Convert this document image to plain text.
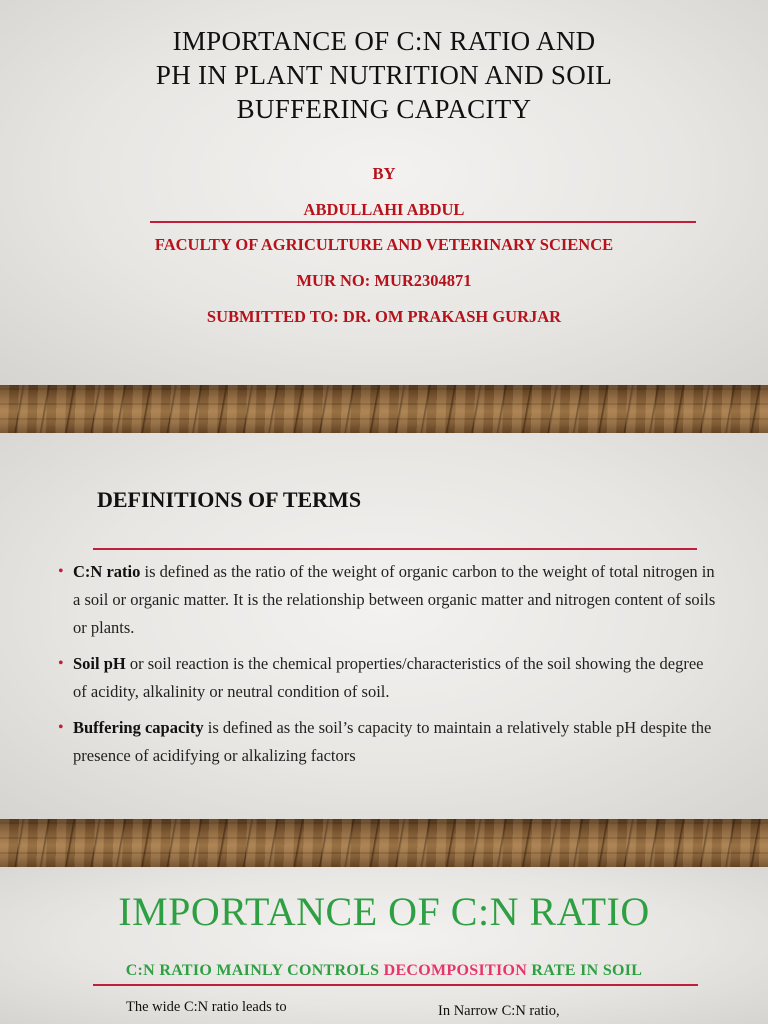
IMPORTANCE OF C:N RATIO AND
PH IN PLANT NUTRITION AND SOIL
BUFFERING CAPACITY
BY
ABDULLAHI ABDUL
FACULTY OF AGRICULTURE AND VETERINARY SCIENCE
MUR NO: MUR2304871
SUBMITTED TO: DR. OM PRAKASH GURJAR
DEFINITIONS OF TERMS
• C:N ratio is defined as the ratio of the weight of organic carbon to the weight of total nitrogen in a soil or organic matter. It is the relationship between organic matter and nitrogen content of soils or plants.
• Soil pH or soil reaction is the chemical properties/characteristics of the soil showing the degree of acidity, alkalinity or neutral condition of soil.
• Buffering capacity is defined as the soil’s capacity to maintain a relatively stable pH despite the presence of acidifying or alkalizing factors
IMPORTANCE OF C:N RATIO
C:N RATIO MAINLY CONTROLS DECOMPOSITION RATE IN SOIL
The wide C:N ratio leads to	In Narrow C:N ratio,
